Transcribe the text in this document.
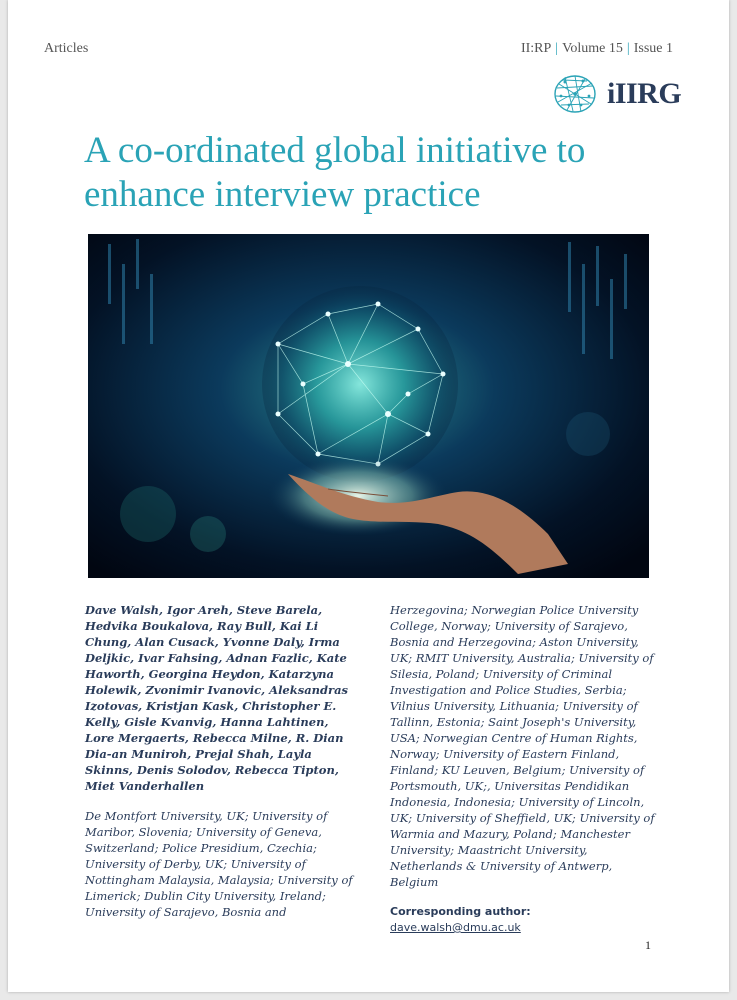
Articles	II:RP | Volume 15 | Issue 1
iIIRG
A co-ordinated global initiative to enhance interview practice

Dave Walsh, Igor Areh, Steve Barela, Hedvika Boukalova, Ray Bull, Kai Li Chung, Alan Cusack, Yvonne Daly, Irma Deljkic, Ivar Fahsing, Adnan Fazlic, Kate Haworth, Georgina Heydon, Katarzyna Holewik, Zvonimir Ivanovic, Aleksandras Izotovas, Kristjan Kask, Christopher E. Kelly, Gisle Kvanvig, Hanna Lahtinen, Lore Mergaerts, Rebecca Milne, R. Dian Dia-an Muniroh, Prejal Shah, Layla Skinns, Denis Solodov, Rebecca Tipton, Miet Vanderhallen

De Montfort University, UK; University of Maribor, Slovenia; University of Geneva, Switzerland; Police Presidium, Czechia; University of Derby, UK; University of Nottingham Malaysia, Malaysia; University of Limerick; Dublin City University, Ireland; University of Sarajevo, Bosnia and

Herzegovina; Norwegian Police University College, Norway; University of Sarajevo, Bosnia and Herzegovina; Aston University, UK; RMIT University, Australia; University of Silesia, Poland; University of Criminal Investigation and Police Studies, Serbia; Vilnius University, Lithuania; University of Tallinn, Estonia; Saint Joseph's University, USA; Norwegian Centre of Human Rights, Norway; University of Eastern Finland, Finland; KU Leuven, Belgium; University of Portsmouth, UK;, Universitas Pendidikan Indonesia, Indonesia; University of Lincoln, UK; University of Sheffield, UK; University of Warmia and Mazury, Poland; Manchester University; Maastricht University, Netherlands & University of Antwerp, Belgium

Corresponding author: dave.walsh@dmu.ac.uk
1
